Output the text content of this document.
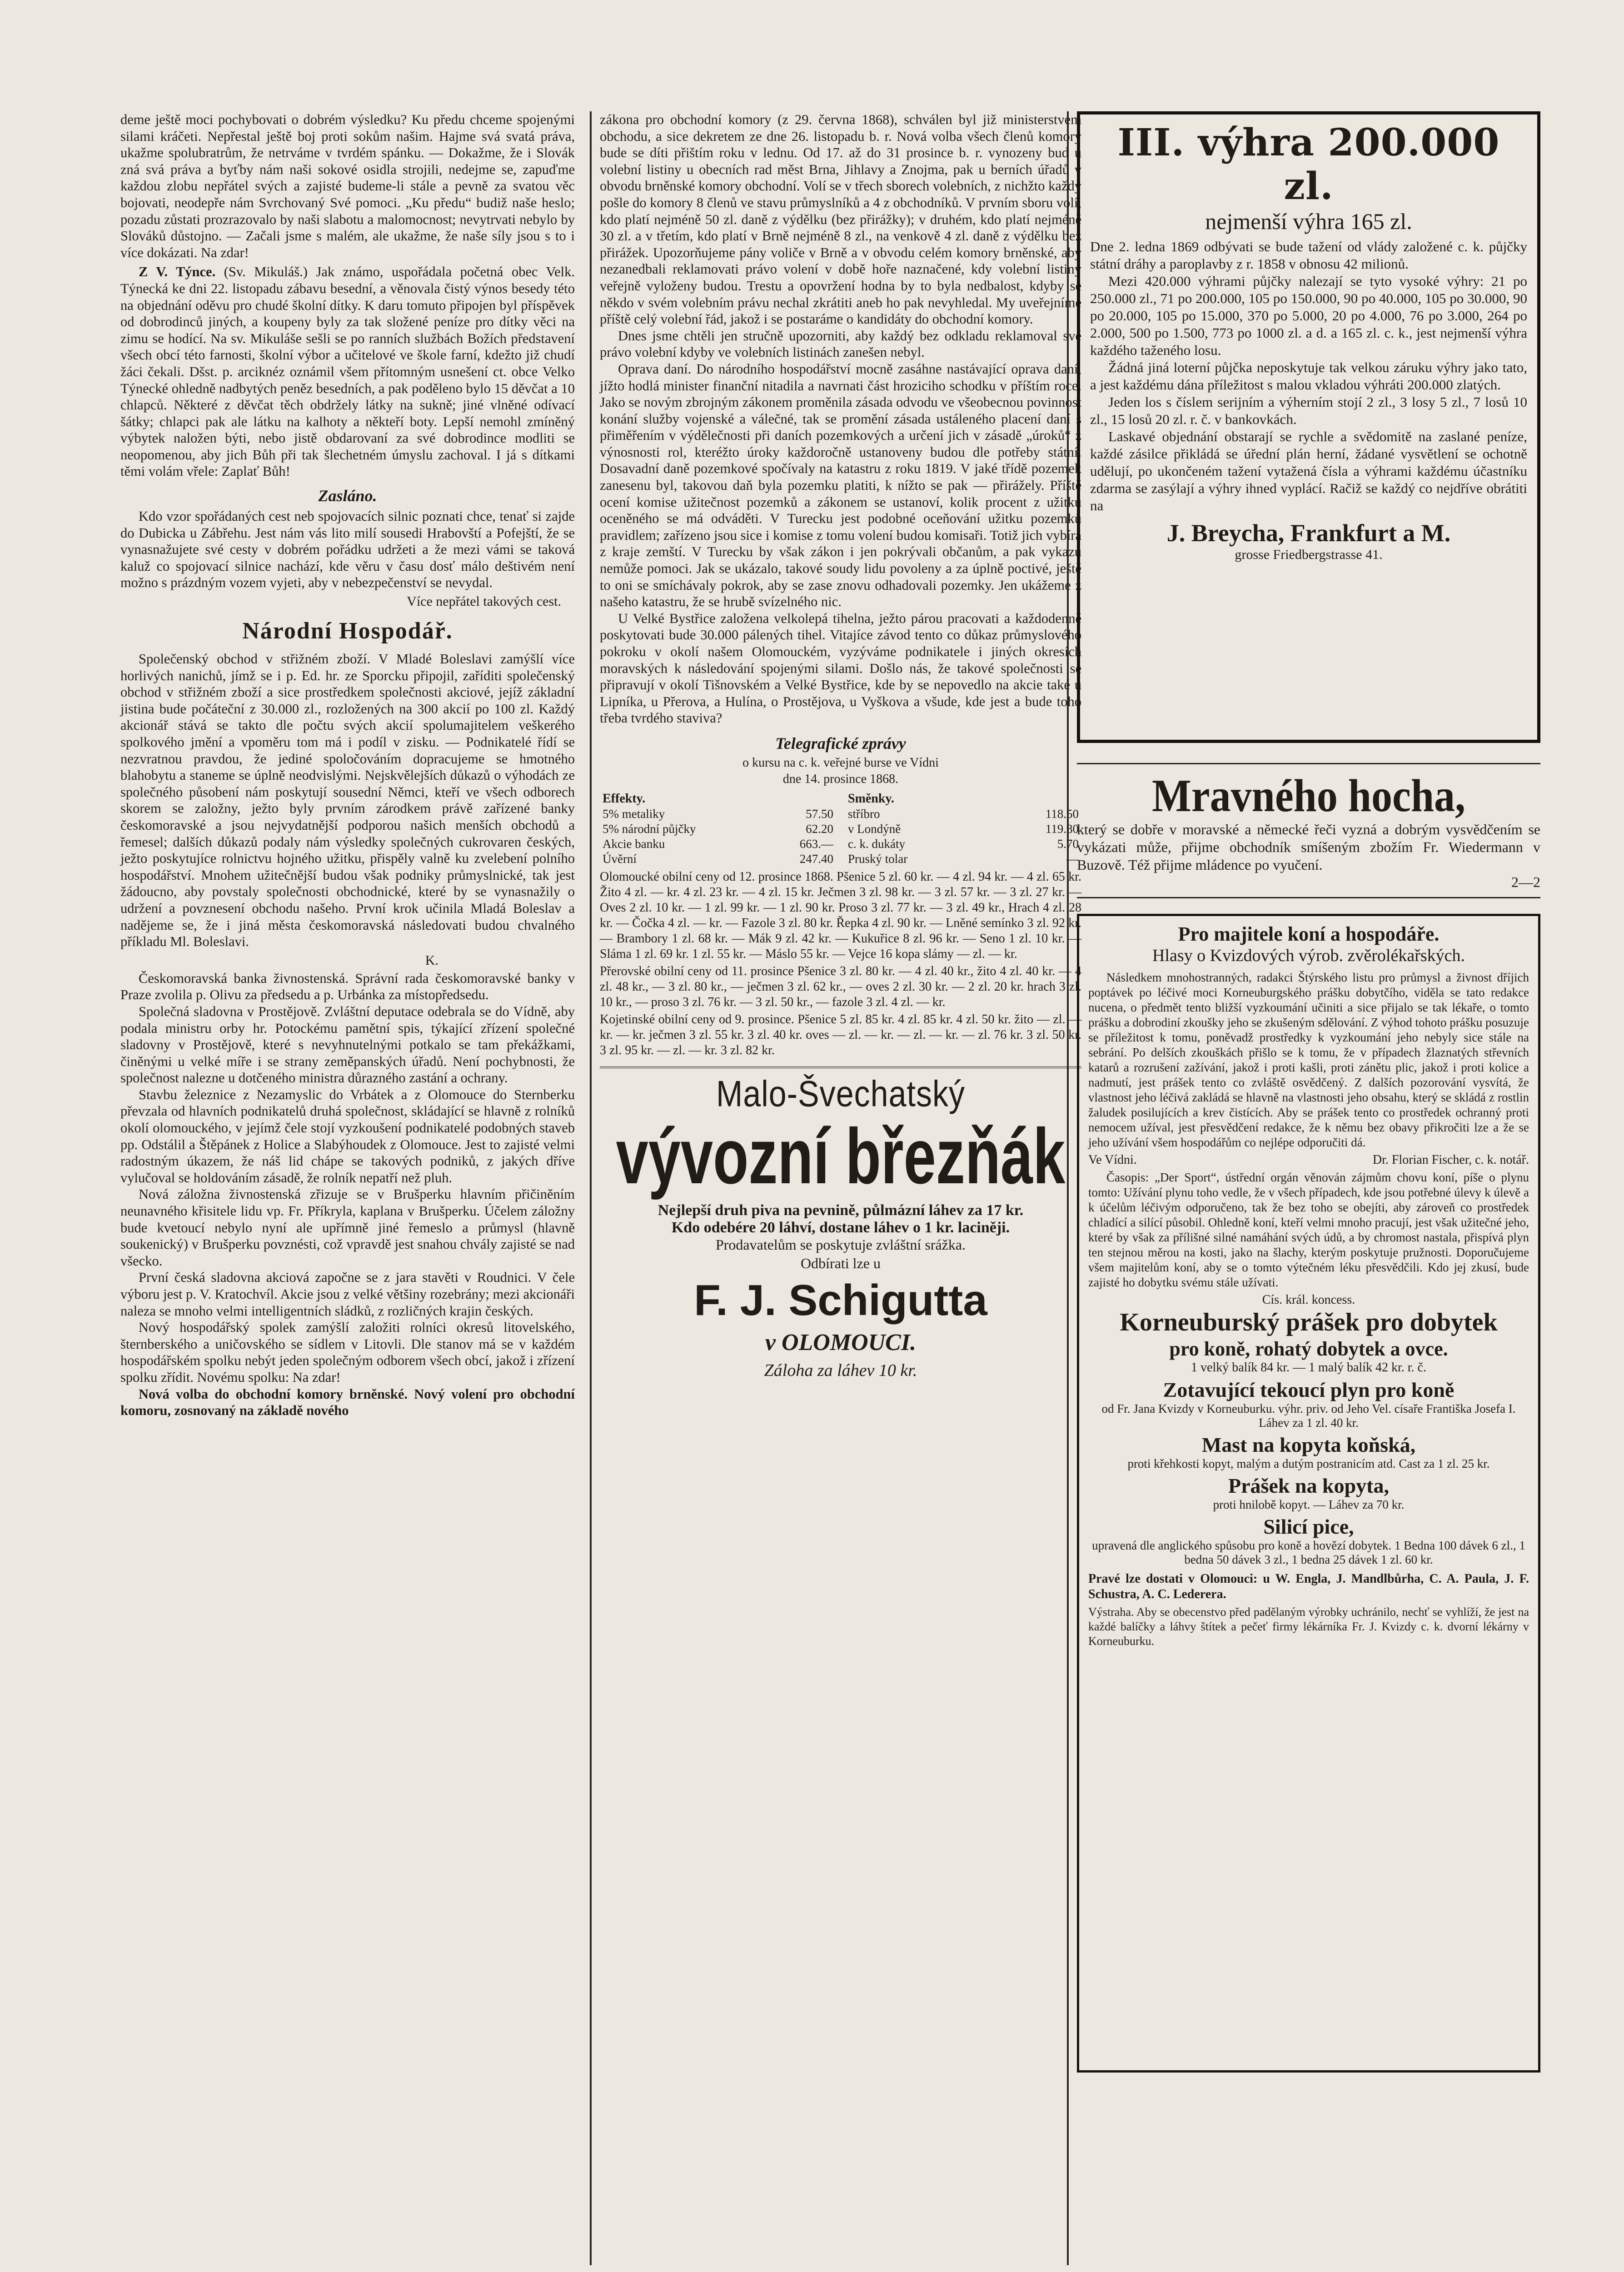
deme ještě moci pochybovati o dobrém výsledku? Ku předu chceme spojenými silami kráčeti. Nepřestal ještě boj proti sokům našim. Hajme svá svatá práva, ukažme spolubratrům, že netrváme v tvrdém spánku. — Dokažme, že i Slovák zná svá práva a byťby nám naši sokové osidla strojili, nedejme se, zapuďme každou zlobu nepřátel svých a zajisté budeme-li stále a pevně za svatou věc bojovati, neodepře nám Svrchovaný Své pomoci. „Ku předu“ budiž naše heslo; pozadu zůstati prozrazovalo by naši slabotu a malomocnost; nevytrvati nebylo by Slováků důstojno. — Začali jsme s malém, ale ukažme, že naše síly jsou s to i více dokázati. Na zdar!

Z V. Týnce. (Sv. Mikuláš.) Jak známo, uspořádala početná obec Velk. Týnecká ke dni 22. listopadu zábavu besední, a věnovala čistý výnos besedy této na objednání oděvu pro chudé školní dítky. K daru tomuto připojen byl příspěvek od dobrodinců jiných, a koupeny byly za tak složené peníze pro dítky věci na zimu se hodící. Na sv. Mikuláše sešli se po ranních službách Božích představení všech obcí této farnosti, školní výbor a učitelové ve škole farní, kdežto již chudí žáci čekali. Dšst. p. arciknéz oznámil všem přítomným usnešení ct. obce Velko Týnecké ohledně nadbytých peněz besedních, a pak poděleno bylo 15 děvčat a 10 chlapců. Některé z děvčat těch obdržely látky na sukně; jiné vlněné odívací šátky; chlapci pak ale látku na kalhoty a někteří boty. Lepší nemohl zmíněný výbytek naložen býti, nebo jistě obdarovaní za své dobrodince modliti se neopomenou, aby jich Bůh při tak šlechetném úmyslu zachoval. I já s dítkami těmi volám vřele: Zaplať Bůh!

Zasláno.

Kdo vzor spořádaných cest neb spojovacích silnic poznati chce, tenať si zajde do Dubicka u Zábřehu. Jest nám vás lito milí sousedi Hrabovští a Pofejští, že se vynasnažujete své cesty v dobrém pořádku udržeti a že mezi vámi se taková kaluž co spojovací silnice nachází, kde věru v času dosť málo deštivém není možno s prázdným vozem vyjeti, aby v nebezpečenství se nevydal.

Více nepřátel takových cest.
Národní Hospodář.

Společenský obchod v střižném zboží. V Mladé Boleslavi zamýšlí více horlivých nanichů, jímž se i p. Ed. hr. ze Sporcku připojil, zaříditi společenský obchod v střižném zboží a sice prostředkem společnosti akciové, jejíž základní jistina bude počáteční z 30.000 zl., rozložených na 300 akcií po 100 zl. Každý akcionář stává se takto dle počtu svých akcií spolumajitelem veškerého spolkového jmění a vpoměru tom má i podíl v zisku. — Podnikatelé řídí se nezvratnou pravdou, že jediné spoločováním dopracujeme se hmotného blahobytu a staneme se úplně neodvislými. Nejskvělejších důkazů o výhodách ze společného působení nám poskytují sousední Němci, kteří ve všech odborech skorem se založny, ježto byly prvním zárodkem právě zařízené banky českomoravské a jsou nejvydatnější podporou našich menších obchodů a řemesel; dalších důkazů podaly nám výsledky společných cukrovaren českých, ježto poskytujíce rolnictvu hojného užitku, přispěly valně ku zvelebení polního hospodářství. Mnohem užitečnější budou však podniky průmyslnické, tak jest žádoucno, aby povstaly společnosti obchodnické, které by se vynasnažily o udržení a povznesení obchodu našeho. První krok učinila Mladá Boleslav a nadějeme se, že i jiná města českomoravská následovati budou chvalného příkladu Ml. Boleslavi.

K.

Českomoravská banka živnostenská. Správní rada českomoravské banky v Praze zvolila p. Olivu za předsedu a p. Urbánka za místopředsedu.

Společná sladovna v Prostějově. Zvláštní deputace odebrala se do Vídně, aby podala ministru orby hr. Potockému pamětní spis, týkající zřízení společné sladovny v Prostějově, které s nevyhnutelnými potkalo se tam překážkami, činěnými u velké míře i se strany zeměpanských úřadů. Není pochybnosti, že společnost nalezne u dotčeného ministra důrazného zastání a ochrany.

Stavbu železnice z Nezamyslic do Vrbátek a z Olomouce do Sternberku převzala od hlavních podnikatelů druhá společnost, skládající se hlavně z rolníků okolí olomouckého, v jejímž čele stojí vyzkoušení podnikatelé podobných staveb pp. Odstálil a Štěpánek z Holice a Slabýhoudek z Olomouce. Jest to zajisté velmi radostným úkazem, že náš lid chápe se takových podniků, z jakých dříve vylučoval se holdováním zásadě, že rolník nepatří než pluh.

Nová záložna živnostenská zřizuje se v Brušperku hlavním přičiněním neunavného křisitele lidu vp. Fr. Příkryla, kaplana v Brušperku. Účelem záložny bude kvetoucí nebylo nyní ale upřímně jiné řemeslo a průmysl (hlavně soukenický) v Brušperku povznésti, což vpravdě jest snahou chvály zajisté se nad všecko.

První česká sladovna akciová započne se z jara stavěti v Roudnici. V čele výboru jest p. V. Kratochvíl. Akcie jsou z velké většiny rozebrány; mezi akcionáři naleza se mnoho velmi intelligentních sládků, z rozličných krajin českých.

Nový hospodářský spolek zamýšlí založiti rolníci okresů litovelského, šternberského a uničovského se sídlem v Litovli. Dle stanov má se v každém hospodářském spolku nebýt jeden společným odborem všech obcí, jakož i zřízení spolku zřídit. Novému spolku: Na zdar!

Nová volba do obchodní komory brněnské. Nový volení pro obchodní komoru, zosnovaný na základě nového

zákona pro obchodní komory (z 29. června 1868), schválen byl již ministerstvem obchodu, a sice dekretem ze dne 26. listopadu b. r. Nová volba všech členů komory bude se díti přištím roku v lednu. Od 17. až do 31 prosince b. r. vynozeny bud u volební listiny u obecních rad měst Brna, Jihlavy a Znojma, pak u berních úřadů v obvodu brněnské komory obchodní. Volí se v třech sborech volebních, z nichžto každý pošle do komory 8 členů ve stavu průmyslníků a 4 z obchodníků. V prvním sboru volí, kdo platí nejméně 50 zl. daně z výdělku (bez přirážky); v druhém, kdo platí nejméně 30 zl. a v třetím, kdo platí v Brně nejméně 8 zl., na venkově 4 zl. daně z výdělku bez přirážek. Upozorňujeme pány voliče v Brně a v obvodu celém komory brněnské, aby nezanedbali reklamovati právo volení v době hoře naznačené, kdy volební listiny veřejně vyloženy budou. Trestu a opovržení hodna by to byla nedbalost, kdyby se někdo v svém volebním právu nechal zkrátiti aneb ho pak nevyhledal. My uveřejníme příště celý volební řád, jakož i se postaráme o kandidáty do obchodní komory.

Dnes jsme chtěli jen stručně upozorniti, aby každý bez odkladu reklamoval své právo volební kdyby ve volebních listinách zanešen nebyl.

Oprava daní. Do národního hospodářství mocně zasáhne nastávající oprava daní, jížto hodlá minister finanční nitadila a navrnati část hroziciho schodku v příštím roce. Jako se novým zbrojným zákonem proměnila zásada odvodu ve všeobecnou povinnost konání služby vojenské a válečné, tak se promění zásada ustáleného placení daní s přiměřením v výdělečnosti při daních pozemkových a určení jich v zásadě „úroků“ z výnosnosti rol, kteréžto úroky každoročně ustanoveny budou dle potřeby státní. Dosavadní daně pozemkové spočívaly na katastru z roku 1819. V jaké třídě pozemek zanesenu byl, takovou daň byla pozemku platiti, k nížto se pak — přirážely. Příště ocení komise užitečnost pozemků a zákonem se ustanoví, kolik procent z užitku oceněného se má odváděti. V Turecku jest podobné oceňování užitku pozemků pravidlem; zařízeno jsou sice i komise z tomu volení budou komisaři. Totiž jich vybírá z kraje zemští. V Turecku by však zákon i jen pokrývali občanům, a pak vykazu nemůže pomoci. Jak se ukázalo, takové soudy lidu povoleny a za úplně poctivé, ještě to oni se smíchávaly pokrok, aby se zase znovu odhadovali pozemky. Jen ukážeme z našeho katastru, že se hrubě svízelného nic.

U Velké Bystřice založena velkolepá tihelna, ježto párou pracovati a každodenně poskytovati bude 30.000 pálených tihel. Vitajíce závod tento co důkaz průmyslového pokroku v okolí našem Olomouckém, vyzýváme podnikatele i jiných okresích moravských k následování spojenými silami. Došlo nás, že takové společnosti se připravují v okolí Tišnovském a Velké Bystřice, kde by se nepovedlo na akcie také u Lipníka, u Přerova, a Hulína, o Prostějova, u Vyškova a všude, kde jest a bude toho třeba tvrdého staviva?

Telegrafické zprávy
o kursu na c. k. veřejné burse ve Vídni
dne 14. prosince 1868.
Effekty.	
5% metaliky	57.50
5% národní půjčky	62.20
Akcie banku	663.—
Úvěrní	247.40
Směnky.	
stříbro	118.50
v Londýně	119.80
c. k. dukáty	5.70
Pruský tolar	—

Olomoucké obilní ceny od 12. prosince 1868. Pšenice 5 zl. 60 kr. — 4 zl. 94 kr. — 4 zl. 65 kr. Žito 4 zl. — kr. 4 zl. 23 kr. — 4 zl. 15 kr. Ječmen 3 zl. 98 kr. — 3 zl. 57 kr. — 3 zl. 27 kr. — Oves 2 zl. 10 kr. — 1 zl. 99 kr. — 1 zl. 90 kr. Proso 3 zl. 77 kr. — 3 zl. 49 kr., Hrach 4 zl. 28 kr. — Čočka 4 zl. — kr. — Fazole 3 zl. 80 kr. Řepka 4 zl. 90 kr. — Lněné semínko 3 zl. 92 kr. — Brambory 1 zl. 68 kr. — Mák 9 zl. 42 kr. — Kukuřice 8 zl. 96 kr. — Seno 1 zl. 10 kr. — Sláma 1 zl. 69 kr. 1 zl. 55 kr. — Máslo 55 kr. — Vejce 16 kopa slámy — zl. — kr.

Přerovské obilní ceny od 11. prosince Pšenice 3 zl. 80 kr. — 4 zl. 40 kr., žito 4 zl. 40 kr. — 4 zl. 48 kr., — 3 zl. 80 kr., — ječmen 3 zl. 62 kr., — oves 2 zl. 30 kr. — 2 zl. 20 kr. hrach 3 zl. 10 kr., — proso 3 zl. 76 kr. — 3 zl. 50 kr., — fazole 3 zl. 4 zl. — kr.

Kojetinské obilní ceny od 9. prosince. Pšenice 5 zl. 85 kr. 4 zl. 85 kr. 4 zl. 50 kr. žito — zl. — kr. — kr. ječmen 3 zl. 55 kr. 3 zl. 40 kr. oves — zl. — kr. — zl. — kr. — zl. 76 kr. 3 zl. 50 kr. 3 zl. 95 kr. — zl. — kr. 3 zl. 82 kr.

Malo-Švechatský
vývozní březňák
Nejlepší druh piva na pevnině, půlmázní láhev za 17 kr.
Kdo odebére 20 láhví, dostane láhev o 1 kr. laciněji.
Prodavatelům se poskytuje zvláštní srážka.
Odbírati lze u
F. J. Schigutta
v OLOMOUCI.
Záloha za láhev 10 kr.
III. výhra 200.000 zl.
nejmenší výhra 165 zl.

Dne 2. ledna 1869 odbývati se bude tažení od vlády založené c. k. půjčky státní dráhy a paroplavby z r. 1858 v obnosu 42 milionů.

Mezi 420.000 výhrami půjčky nalezají se tyto vysoké výhry: 21 po 250.000 zl., 71 po 200.000, 105 po 150.000, 90 po 40.000, 105 po 30.000, 90 po 20.000, 105 po 15.000, 370 po 5.000, 20 po 4.000, 76 po 3.000, 264 po 2.000, 500 po 1.500, 773 po 1000 zl. a d. a 165 zl. c. k., jest nejmenší výhra každého taženého losu.

Žádná jiná loterní půjčka neposkytuje tak velkou záruku výhry jako tato, a jest každému dána příležitost s malou vkladou výhráti 200.000 zlatých.

Jeden los s číslem serijním a výherním stojí 2 zl., 3 losy 5 zl., 7 losů 10 zl., 15 losů 20 zl. r. č. v bankovkách.

Laskavé objednání obstarají se rychle a svědomitě na zaslané peníze, každé zásilce přikládá se úřední plán herní, žádané vysvětlení se ochotně udělují, po ukončeném tažení vytažená čísla a výhrami každému účastníku zdarma se zasýlají a výhry ihned vyplácí. Račiž se každý co nejdříve obrátiti na

J. Breycha, Frankfurt a M.
grosse Friedbergstrasse 41.
Mravného hocha,

který se dobře v moravské a německé řeči vyzná a dobrým vysvědčením se vykázati může, přijme obchodník smíšeným zbožím Fr. Wiedermann v Buzově. Též přijme mládence po vyučení.

2—2
Pro majitele koní a hospodáře.
Hlasy o Kvizdových výrob. zvěrolékařských.

Následkem mnohostranných, radakci Štýrského listu pro průmysl a živnost dříjich poptávek po léčivé moci Korneuburgského prášku dobytčího, viděla se tato redakce nucena, o předmět tento bližší vyzkoumání učiniti a sice přijalo se tak lékaře, o tomto prášku a dobrodiní zkoušky jeho se zkušeným sdělování. Z výhod tohoto prášku posuzuje se příležitost k tomu, poněvadž prostředky k vyzkoumání jeho nebyly sice stále na sebrání. Po delších zkouškách přišlo se k tomu, že v případech žlaznatých střevních katarů a rozrušení zažívání, jakož i proti kašli, proti zánětu plic, jakož i proti kolice a nadmutí, jest prášek tento co zvláště osvědčený. Z dalších pozorování vysvítá, že vlastnost jeho léčivá zakládá se hlavně na vlastnosti jeho obsahu, který se skládá z rostlin žaludek posilujících a krev čistících. Aby se prášek tento co prostředek ochranný proti nemocem užíval, jest přesvědčení redakce, že k němu bez obavy přikročiti lze a že se jeho užívání všem hospodářům co nejlépe odporučiti dá.

Ve Vídni.	Dr. Florian Fischer, c. k. notář.

Časopis: „Der Sport“, ústřední orgán věnován zájmům chovu koní, píše o plynu tomto: Užívání plynu toho vedle, že v všech případech, kde jsou potřebné úlevy k úlevě a k účelům léčivým odporučeno, tak že bez toho se obejíti, aby zároveň co prostředek chladící a silící působil. Ohledně koní, kteří velmi mnoho pracují, jest však užitečné jeho, které by však za přílišné silné namáhání svých údů, a by chromost nastala, přispívá plyn ten stejnou měrou na kosti, jako na šlachy, kterým poskytuje pružnosti. Doporučujeme všem majitelům koní, aby se o tomto výtečném léku přesvědčili. Kdo jej zkusí, bude zajisté ho dobytku svému stále užívati.

Cís. král. koncess.
Korneuburský prášek pro dobytek
pro koně, rohatý dobytek a ovce.
1 velký balík 84 kr. — 1 malý balík 42 kr. r. č.
Zotavující tekoucí plyn pro koně
od Fr. Jana Kvizdy v Korneuburku. výhr. priv. od Jeho Vel. císaře Františka Josefa I. Láhev za 1 zl. 40 kr.
Mast na kopyta koňská,
proti křehkosti kopyt, malým a dutým postranicím atd. Cast za 1 zl. 25 kr.
Prášek na kopyta,
proti hnilobě kopyt. — Láhev za 70 kr.
Silicí pice,
upravená dle anglického spůsobu pro koně a hovězí dobytek. 1 Bedna 100 dávek 6 zl., 1 bedna 50 dávek 3 zl., 1 bedna 25 dávek 1 zl. 60 kr.

Pravé lze dostati v Olomouci: u W. Engla, J. Mandlbůrha, C. A. Paula, J. F. Schustra, A. C. Lederera.

Výstraha. Aby se obecenstvo před padělaným výrobky uchránilo, nechť se vyhlíží, že jest na každé balíčky a láhvy štítek a pečeť firmy lékárníka Fr. J. Kvizdy c. k. dvorní lékárny v Korneuburku.
